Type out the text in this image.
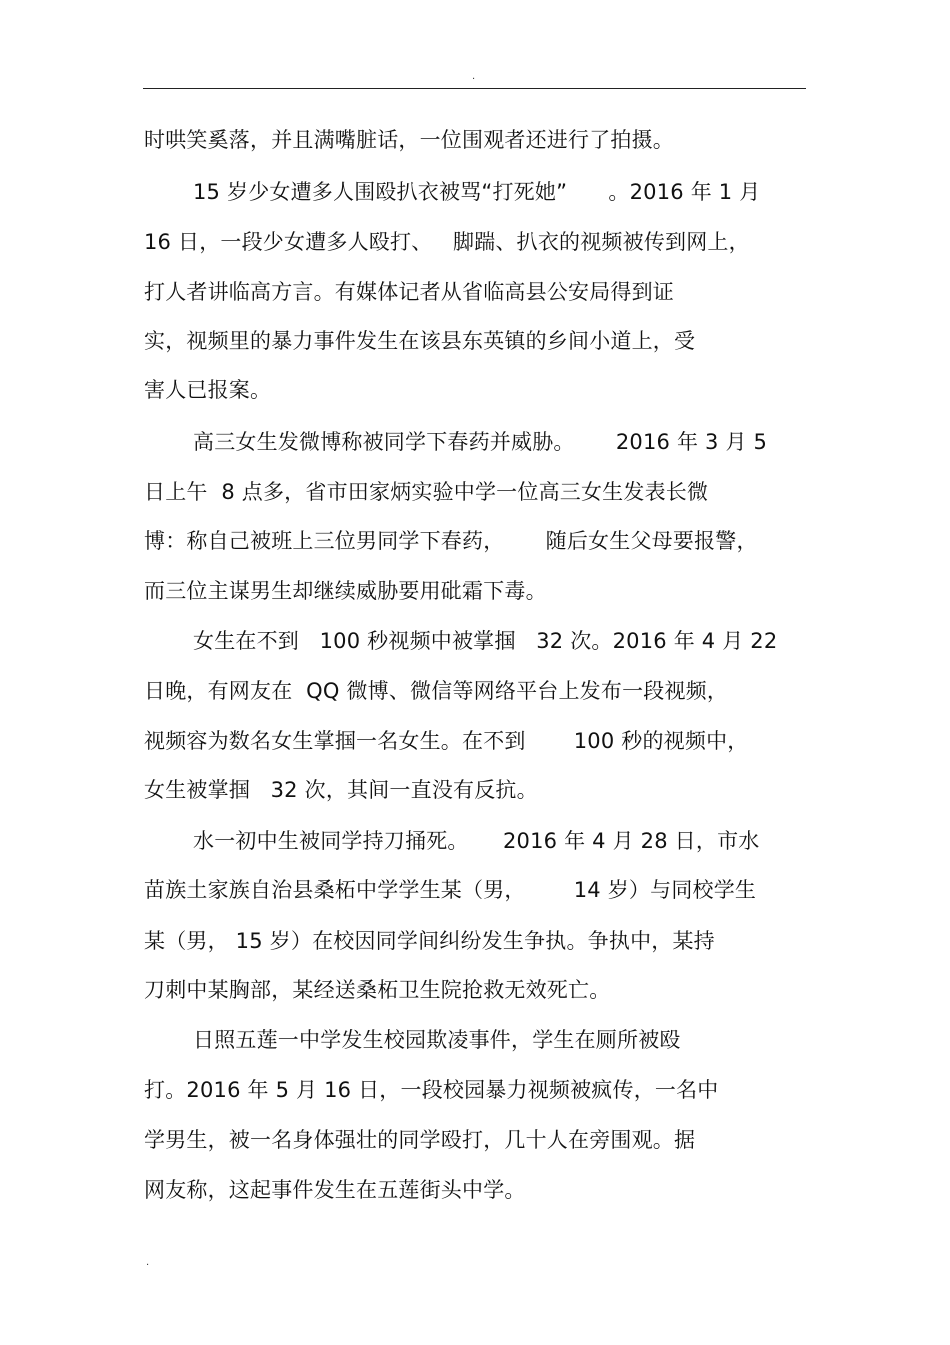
.
时哄笑奚落，并且满嘴脏话，一位围观者还进行了拍摄。
15 岁少女遭多人围殴扒衣被骂“打死她”      。2016 年 1 月
16 日，一段少女遭多人殴打、   脚踹、扒衣的视频被传到网上，
打人者讲临高方言。有媒体记者从省临高县公安局得到证
实，视频里的暴力事件发生在该县东英镇的乡间小道上，受
害人已报案。
高三女生发微博称被同学下春药并威胁。      2016 年 3 月 5
日上午  8 点多，省市田家炳实验中学一位高三女生发表长微
博：称自己被班上三位男同学下春药，      随后女生父母要报警，
而三位主谋男生却继续威胁要用砒霜下毒。
女生在不到   100 秒视频中被掌掴   32 次。2016 年 4 月 22
日晚，有网友在  QQ 微博、微信等网络平台上发布一段视频，
视频容为数名女生掌掴一名女生。在不到       100 秒的视频中，
女生被掌掴   32 次，其间一直没有反抗。
水一初中生被同学持刀捅死。     2016 年 4 月 28 日，市水
苗族土家族自治县桑柘中学学生某（男，       14 岁）与同校学生
某（男， 15 岁）在校因同学间纠纷发生争执。争执中，某持
刀刺中某胸部，某经送桑柘卫生院抢救无效死亡。
日照五莲一中学发生校园欺凌事件，学生在厕所被殴
打。2016 年 5 月 16 日，一段校园暴力视频被疯传，一名中
学男生，被一名身体强壮的同学殴打，几十人在旁围观。据
网友称，这起事件发生在五莲街头中学。
.
